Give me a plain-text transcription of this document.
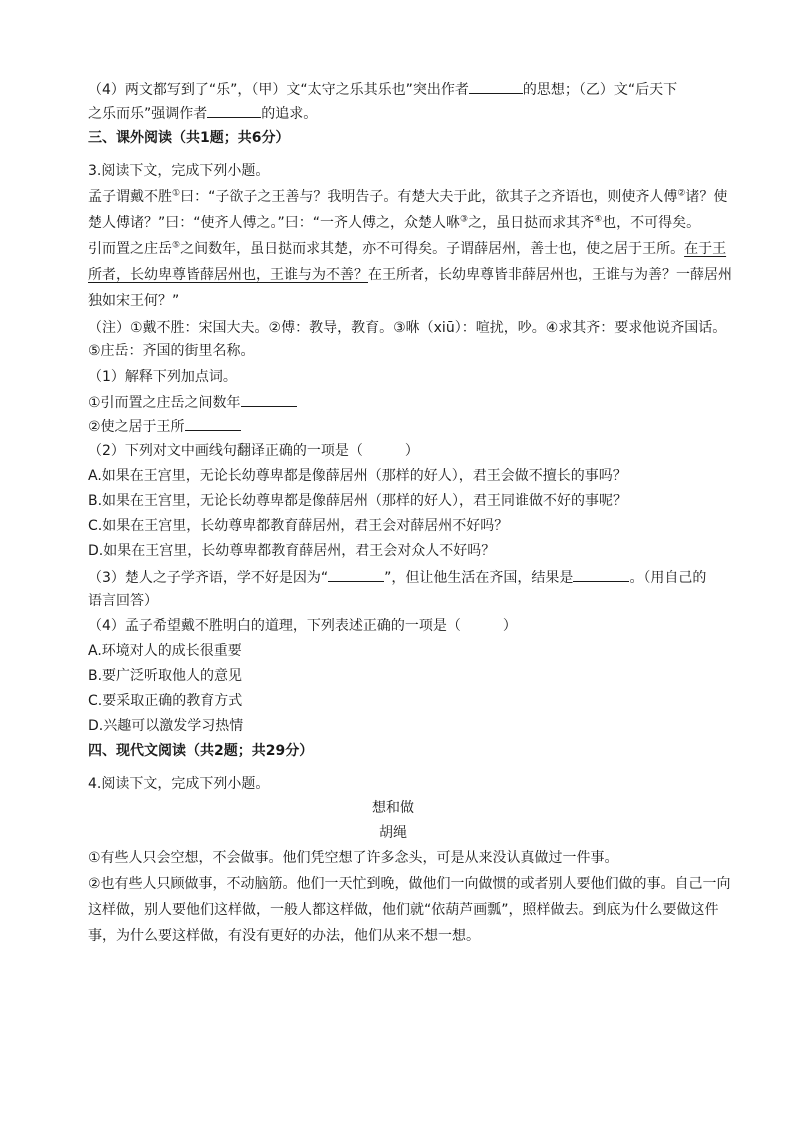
（4）两文都写到了“乐”，（甲）文“太守之乐其乐也”突出作者	的思想；（乙）文“后天下
之乐而乐”强调作者	的追求。
三、课外阅读（共1题；共6分）
3.阅读下文，完成下列小题。
孟子谓戴不胜①曰：“子欲子之王善与？我明告子。有楚大夫于此，欲其子之齐语也，则使齐人傅②诸？使
楚人傅诸？”曰：“使齐人傅之。”曰：“一齐人傅之，众楚人咻③之，虽日挞而求其齐④也，不可得矣。
引而置之庄岳⑤之间数年，虽日挞而求其楚，亦不可得矣。子谓薛居州，善士也，使之居于王所。在于王
所者，长幼卑尊皆薛居州也，王谁与为不善？在王所者，长幼卑尊皆非薛居州也，王谁与为善？一薛居州
独如宋王何？”
（注）①戴不胜：宋国大夫。②傅：教导，教育。③咻（xiū）：喧扰，吵。④求其齐：要求他说齐国话。
⑤庄岳：齐国的街里名称。
（1）解释下列加点词。
①引而置之庄岳之间数年
②使之居于王所
（2）下列对文中画线句翻译正确的一项是（　　　）
A.如果在王宫里，无论长幼尊卑都是像薛居州（那样的好人），君王会做不擅长的事吗？
B.如果在王宫里，无论长幼尊卑都是像薛居州（那样的好人），君王同谁做不好的事呢？
C.如果在王宫里，长幼尊卑都教育薛居州，君王会对薛居州不好吗？
D.如果在王宫里，长幼尊卑都教育薛居州，君王会对众人不好吗？
（3）楚人之子学齐语，学不好是因为“	”，但让他生活在齐国，结果是	。（用自己的
语言回答）
（4）孟子希望戴不胜明白的道理，下列表述正确的一项是（　　　）
A.环境对人的成长很重要
B.要广泛听取他人的意见
C.要采取正确的教育方式
D.兴趣可以激发学习热情
四、现代文阅读（共2题；共29分）
4.阅读下文，完成下列小题。
想和做
胡绳
①有些人只会空想，不会做事。他们凭空想了许多念头，可是从来没认真做过一件事。
②也有些人只顾做事，不动脑筋。他们一天忙到晚，做他们一向做惯的或者别人要他们做的事。自己一向
这样做，别人要他们这样做，一般人都这样做，他们就“依葫芦画瓢”，照样做去。到底为什么要做这件
事，为什么要这样做，有没有更好的办法，他们从来不想一想。
